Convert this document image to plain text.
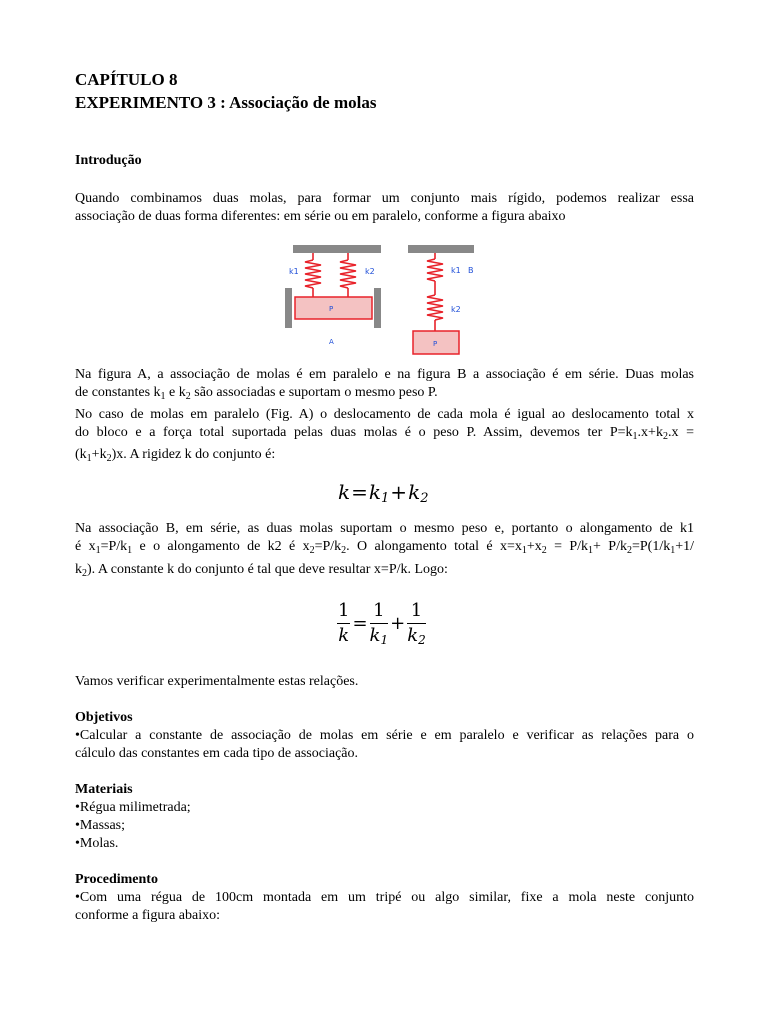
CAPÍTULO 8

EXPERIMENTO 3 : Associação de molas

Introdução

Quando combinamos duas molas, para formar um conjunto mais rígido, podemos realizar essa

associação de duas forma diferentes: em série ou em paralelo, conforme a figura abaixo

Na figura A, a associação de molas é em paralelo e na figura B a associação é em série. Duas molas

de constantes $k_1$ e $k_2$ são associadas e suportam o mesmo peso P.

No caso de molas em paralelo (Fig. A) o deslocamento de cada mola é igual ao deslocamento total x

do bloco e a força total suportada pelas duas molas é o peso P. Assim, devemos ter $P=k_1.x+k_2.x$ =

$(k_1+k_2)x$. A rigidez k do conjunto é:

Na associação B, em série, as duas molas suportam o mesmo peso e, portanto o alongamento de k1

é $x_1=P/k_1$ e o alongamento de k2 é $x_2=P/k_2$. O alongamento total é $x=x_1+x_2 = P/k_1+ P/k_2=P(1/k_1+1/$

$k_2$). A constante k do conjunto é tal que deve resultar x=P/k. Logo:

Vamos verificar experimentalmente estas relações.

Objetivos

•Calcular a constante de associação de molas em série e em paralelo e verificar as relações para o

cálculo das constantes em cada tipo de associação.

Materiais

•Régua milimetrada;

•Massas;

•Molas.

Procedimento

•Com uma régua de 100cm montada em um tripé ou algo similar, fixe a mola neste conjunto

conforme a figura abaixo:

$k=k_1+k_2$
$\frac{1}{k} = \frac{1}{k_1} + \frac{1}{k_2}$
k1	k2
P
A
k1 B
k2
P
